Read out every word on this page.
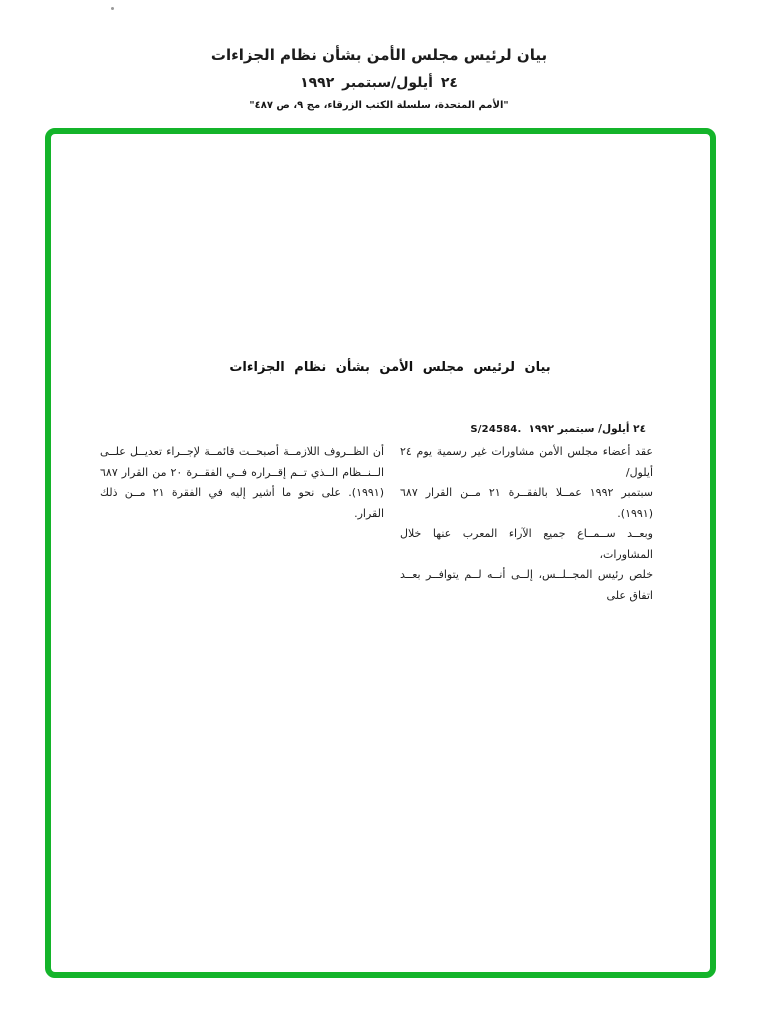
بيان لرئيس مجلس الأمن بشأن نظام الجزاءات
٢٤ أيلول/سبتمبر ١٩٩٢
"الأمم المتحدة، سلسلة الكتب الزرقاء، مج ٩، ص ٤٨٧"
بيان لرئيس مجلس الأمن بشأن نظام الجزاءات
S/24584. ٢٤ أيلول/ سبتمبر ١٩٩٢
عقد أعضاء مجلس الأمن مشاورات غير رسمية يوم ٢٤ أيلول/
سبتمبر ١٩٩٢ عمــلا بالفقــرة ٢١ مــن القرار ٦٨٧ (١٩٩١).
وبعــد ســمــاع جميع الآراء المعرب عنها خلال المشاورات،
خلص رئيس المجــلــس، إلــى أنــه لــم يتوافــر بعــد اتفاق على
أن الظــروف اللازمــة أصبحــت قائمــة لإجــراء تعديــل علــى
الــنــظام الــذي تــم إقــراره فــي الفقــرة ٢٠ من القرار ٦٨٧
(١٩٩١). على نحو ما أشير إليه في الفقرة ٢١ مــن ذلك
القرار.
